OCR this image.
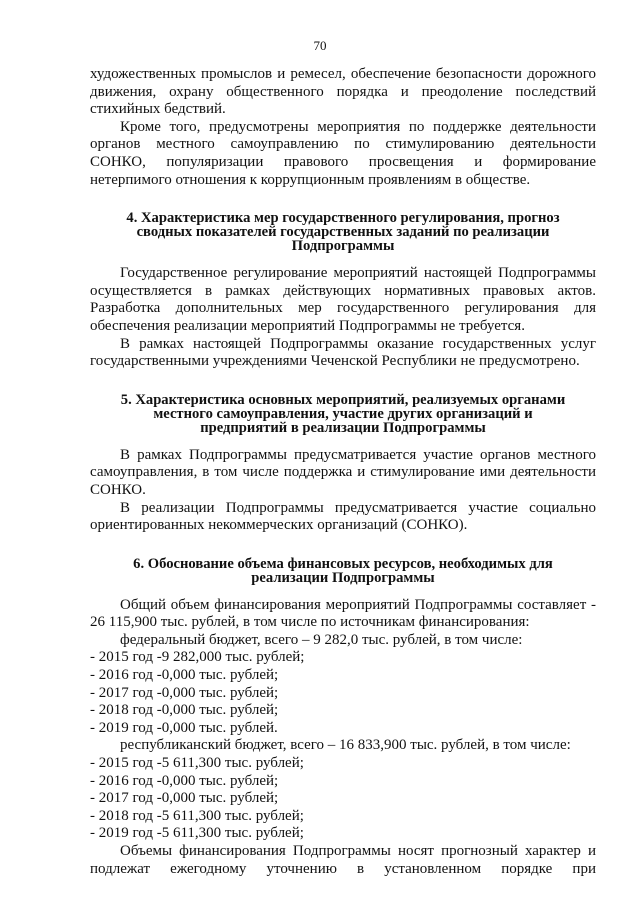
70

художественных промыслов и ремесел, обеспечение безопасности дорожного

движения, охрану общественного порядка и преодоление последствий

стихийных бедствий.

Кроме того, предусмотрены мероприятия по поддержке деятельности

органов местного самоуправлению по стимулированию деятельности

СОНКО, популяризации правового просвещения и формирование

нетерпимого отношения к коррупционным проявлениям в обществе.

4. Характеристика мер государственного регулирования, прогноз

сводных показателей государственных заданий по реализации

Подпрограммы

Государственное регулирование мероприятий настоящей Подпрограммы

осуществляется в рамках действующих нормативных правовых актов.

Разработка дополнительных мер государственного регулирования для

обеспечения реализации мероприятий Подпрограммы не требуется.

В рамках настоящей Подпрограммы оказание государственных услуг

государственными учреждениями Чеченской Республики не предусмотрено.

5. Характеристика основных мероприятий, реализуемых органами

местного самоуправления, участие других организаций и

предприятий в реализации Подпрограммы

В рамках Подпрограммы предусматривается участие органов местного

самоуправления, в том числе поддержка и стимулирование ими деятельности

СОНКО.

В реализации Подпрограммы предусматривается участие социально

ориентированных некоммерческих организаций (СОНКО).

6. Обоснование объема финансовых ресурсов, необходимых для

реализации Подпрограммы

Общий объем финансирования мероприятий Подпрограммы составляет -

26 115,900 тыс. рублей, в том числе по источникам финансирования:

федеральный бюджет, всего – 9 282,0 тыс. рублей, в том числе:

- 2015 год -9 282,000 тыс. рублей;

- 2016 год -0,000 тыс. рублей;

- 2017 год -0,000 тыс. рублей;

- 2018 год -0,000 тыс. рублей;

- 2019 год -0,000 тыс. рублей.

республиканский бюджет, всего – 16 833,900 тыс. рублей, в том числе:

- 2015 год -5 611,300 тыс. рублей;

- 2016 год -0,000 тыс. рублей;

- 2017 год -0,000 тыс. рублей;

- 2018 год -5 611,300 тыс. рублей;

- 2019 год -5 611,300 тыс. рублей;

Объемы финансирования Подпрограммы носят прогнозный характер и

подлежат ежегодному уточнению в установленном порядке при
